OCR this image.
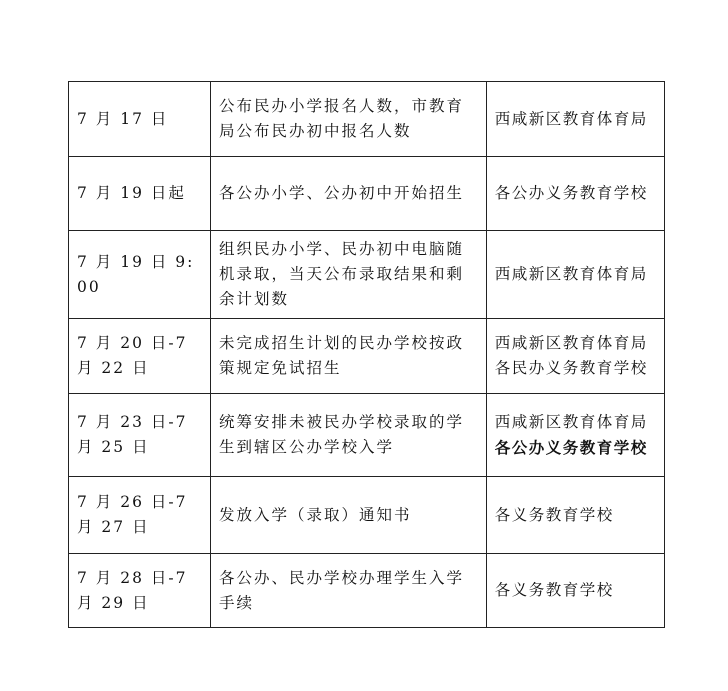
7 月 17 日	公布民办小学报名人数，市教育局公布民办初中报名人数	西咸新区教育体育局

7 月 19 日起	各公办小学、公办初中开始招生	各公办义务教育学校

7 月 19 日 9:00	组织民办小学、民办初中电脑随机录取，当天公布录取结果和剩余计划数	西咸新区教育体育局

7 月 20 日-7 月 22 日	未完成招生计划的民办学校按政策规定免试招生	西咸新区教育体育局
各民办义务教育学校

7 月 23 日-7 月 25 日	统筹安排未被民办学校录取的学生到辖区公办学校入学	西咸新区教育体育局
各公办义务教育学校

7 月 26 日-7 月 27 日	发放入学（录取）通知书	各义务教育学校

7 月 28 日-7 月 29 日	各公办、民办学校办理学生入学手续	各义务教育学校
